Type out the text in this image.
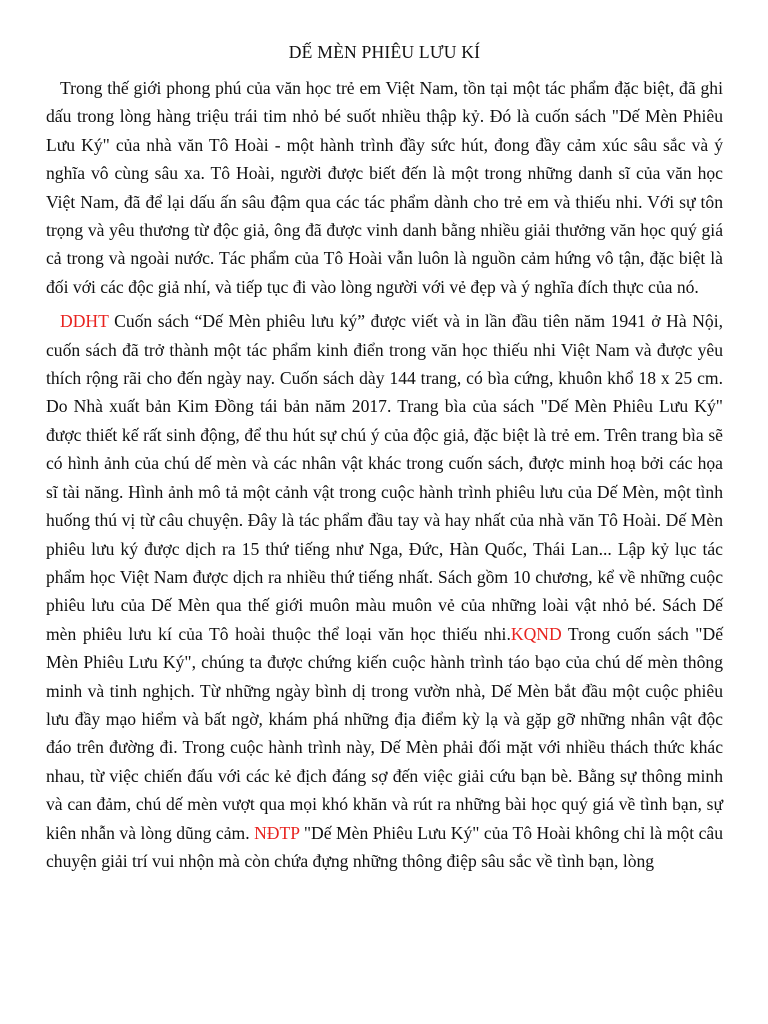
DẾ MÈN PHIÊU LƯU KÍ

Trong thế giới phong phú của văn học trẻ em Việt Nam, tồn tại một tác phẩm đặc biệt, đã ghi dấu trong lòng hàng triệu trái tim nhỏ bé suốt nhiều thập kỷ. Đó là cuốn sách "Dế Mèn Phiêu Lưu Ký" của nhà văn Tô Hoài - một hành trình đầy sức hút, đong đầy cảm xúc sâu sắc và ý nghĩa vô cùng sâu xa. Tô Hoài, người được biết đến là một trong những danh sĩ của văn học Việt Nam, đã để lại dấu ấn sâu đậm qua các tác phẩm dành cho trẻ em và thiếu nhi. Với sự tôn trọng và yêu thương từ độc giả, ông đã được vinh danh bằng nhiều giải thưởng văn học quý giá cả trong và ngoài nước. Tác phẩm của Tô Hoài vẫn luôn là nguồn cảm hứng vô tận, đặc biệt là đối với các độc giả nhí, và tiếp tục đi vào lòng người với vẻ đẹp và ý nghĩa đích thực của nó.

DDHT Cuốn sách “Dế Mèn phiêu lưu ký” được viết và in lần đầu tiên năm 1941 ở Hà Nội, cuốn sách đã trở thành một tác phẩm kinh điển trong văn học thiếu nhi Việt Nam và được yêu thích rộng rãi cho đến ngày nay. Cuốn sách dày 144 trang, có bìa cứng, khuôn khổ 18 x 25 cm. Do Nhà xuất bản Kim Đồng tái bản năm 2017. Trang bìa của sách "Dế Mèn Phiêu Lưu Ký" được thiết kế rất sinh động, để thu hút sự chú ý của độc giả, đặc biệt là trẻ em. Trên trang bìa sẽ có hình ảnh của chú dế mèn và các nhân vật khác trong cuốn sách, được minh hoạ bởi các họa sĩ tài năng. Hình ảnh mô tả một cảnh vật trong cuộc hành trình phiêu lưu của Dế Mèn, một tình huống thú vị từ câu chuyện. Đây là tác phẩm đầu tay và hay nhất của nhà văn Tô Hoài. Dế Mèn phiêu lưu ký được dịch ra 15 thứ tiếng như Nga, Đức, Hàn Quốc, Thái Lan... Lập kỷ lục tác phẩm học Việt Nam được dịch ra nhiều thứ tiếng nhất. Sách gồm 10 chương, kể về những cuộc phiêu lưu của Dế Mèn qua thế giới muôn màu muôn vẻ của những loài vật nhỏ bé. Sách Dế mèn phiêu lưu kí của Tô hoài thuộc thể loại văn học thiếu nhi.KQND Trong cuốn sách "Dế Mèn Phiêu Lưu Ký", chúng ta được chứng kiến cuộc hành trình táo bạo của chú dế mèn thông minh và tinh nghịch. Từ những ngày bình dị trong vườn nhà, Dế Mèn bắt đầu một cuộc phiêu lưu đầy mạo hiểm và bất ngờ, khám phá những địa điểm kỳ lạ và gặp gỡ những nhân vật độc đáo trên đường đi. Trong cuộc hành trình này, Dế Mèn phải đối mặt với nhiều thách thức khác nhau, từ việc chiến đấu với các kẻ địch đáng sợ đến việc giải cứu bạn bè. Bằng sự thông minh và can đảm, chú dế mèn vượt qua mọi khó khăn và rút ra những bài học quý giá về tình bạn, sự kiên nhẫn và lòng dũng cảm. NĐTP "Dế Mèn Phiêu Lưu Ký" của Tô Hoài không chỉ là một câu chuyện giải trí vui nhộn mà còn chứa đựng những thông điệp sâu sắc về tình bạn, lòng
